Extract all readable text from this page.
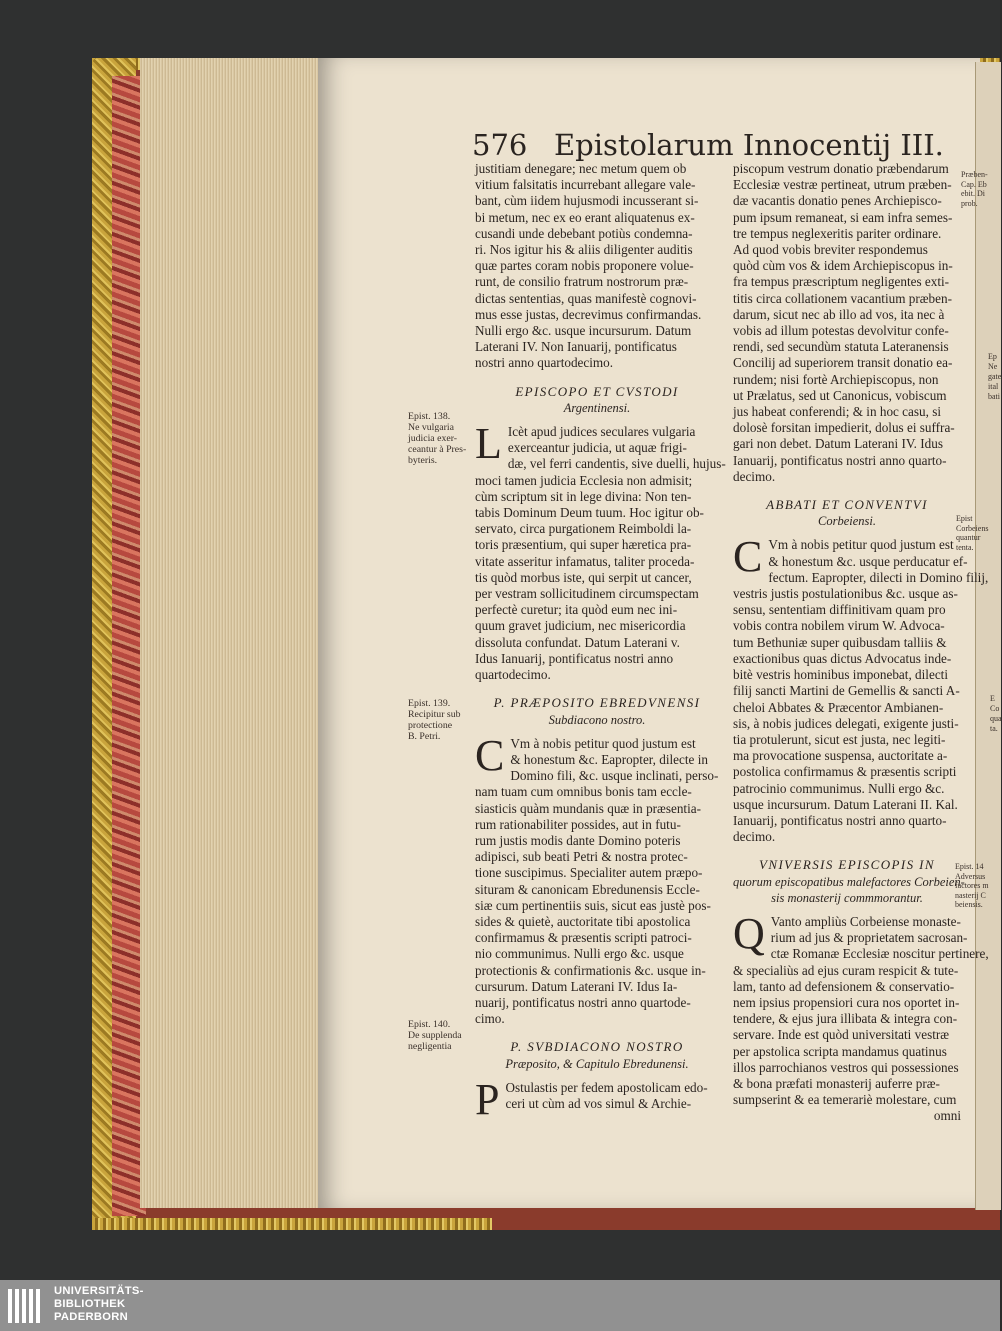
576 Epistolarum Innocentij III.

justitiam denegare; nec metum quem ob
vitium falsitatis incurrebant allegare vale-
bant, cùm iidem hujusmodi incusserant si-
bi metum, nec ex eo erant aliquatenus ex-
cusandi unde debebant potiùs condemna-
ri. Nos igitur his & aliis diligenter auditis
quæ partes coram nobis proponere volue-
runt, de consilio fratrum nostrorum præ-
dictas sententias, quas manifestè cognovi-
mus esse justas, decrevimus confirmandas.
Nulli ergo &c. usque incursurum. Datum
Laterani IV. Non Ianuarij, pontificatus
nostri anno quartodecimo.

EPISCOPO ET CVSTODI
Argentinensi.

L Icèt apud judices seculares vulgaria
exerceantur judicia, ut aquæ frigi-
dæ, vel ferri candentis, sive duelli, hujus-
moci tamen judicia Ecclesia non admisit;
cùm scriptum sit in lege divina: Non ten-
tabis Dominum Deum tuum. Hoc igitur ob-
servato, circa purgationem Reimboldi la-
toris præsentium, qui super hæretica pra-
vitate asseritur infamatus, taliter proceda-
tis quòd morbus iste, qui serpit ut cancer,
per vestram sollicitudinem circumspectam
perfectè curetur; ita quòd eum nec ini-
quum gravet judicium, nec misericordia
dissoluta confundat. Datum Laterani v.
Idus Ianuarij, pontificatus nostri anno
quartodecimo.

P. PRÆPOSITO EBREDVNENSI
Subdiacono nostro.

C Vm à nobis petitur quod justum est
& honestum &c. Eapropter, dilecte in
Domino fili, &c. usque inclinati, perso-
nam tuam cum omnibus bonis tam eccle-
siasticis quàm mundanis quæ in præsentia-
rum rationabiliter possides, aut in futu-
rum justis modis dante Domino poteris
adipisci, sub beati Petri & nostra protec-
tione suscipimus. Specialiter autem præpo-
situram & canonicam Ebredunensis Eccle-
siæ cum pertinentiis suis, sicut eas justè pos-
sides & quietè, auctoritate tibi apostolica
confirmamus & præsentis scripti patroci-
nio communimus. Nulli ergo &c. usque
protectionis & confirmationis &c. usque in-
cursurum. Datum Laterani IV. Idus Ia-
nuarij, pontificatus nostri anno quartode-
cimo.

P. SVBDIACONO NOSTRO
Præposito, & Capitulo Ebredunensi.

P Ostulastis per fedem apostolicam edo-
ceri ut cùm ad vos simul & Archie-

piscopum vestrum donatio præbendarum
Ecclesiæ vestræ pertineat, utrum præben-
dæ vacantis donatio penes Archiepisco-
pum ipsum remaneat, si eam infra semes-
tre tempus neglexeritis pariter ordinare.
Ad quod vobis breviter respondemus
quòd cùm vos & idem Archiepiscopus in-
fra tempus præscriptum negligentes exti-
titis circa collationem vacantium præben-
darum, sicut nec ab illo ad vos, ita nec à
vobis ad illum potestas devolvitur confe-
rendi, sed secundùm statuta Lateranensis
Concilij ad superiorem transit donatio ea-
rundem; nisi fortè Archiepiscopus, non
ut Prælatus, sed ut Canonicus, vobiscum
jus habeat conferendi; & in hoc casu, si
dolosè forsitan impedierit, dolus ei suffra-
gari non debet. Datum Laterani IV. Idus
Ianuarij, pontificatus nostri anno quarto-
decimo.

ABBATI ET CONVENTVI
Corbeiensi.

C Vm à nobis petitur quod justum est
& honestum &c. usque perducatur ef-
fectum. Eapropter, dilecti in Domino filij,
vestris justis postulationibus &c. usque as-
sensu, sententiam diffinitivam quam pro
vobis contra nobilem virum W. Advoca-
tum Bethuniæ super quibusdam talliis &
exactionibus quas dictus Advocatus inde-
bitè vestris hominibus imponebat, dilecti
filij sancti Martini de Gemellis & sancti A-
cheloi Abbates & Præcentor Ambianen-
sis, à nobis judices delegati, exigente justi-
tia protulerunt, sicut est justa, nec legiti-
ma provocatione suspensa, auctoritate a-
postolica confirmamus & præsentis scripti
patrocinio communimus. Nulli ergo &c.
usque incursurum. Datum Laterani II. Kal.
Ianuarij, pontificatus nostri anno quarto-
decimo.

VNIVERSIS EPISCOPIS IN
quorum episcopatibus malefactores Corbeien-
sis monasterij commmorantur.

Q Vanto ampliùs Corbeiense monaste-
rium ad jus & proprietatem sacrosan-
ctæ Romanæ Ecclesiæ noscitur pertinere,
& specialiùs ad ejus curam respicit & tute-
lam, tanto ad defensionem & conservatio-
nem ipsius propensiori cura nos oportet in-
tendere, & ejus jura illibata & integra con-
servare. Inde est quòd universitati vestræ
per apstolica scripta mandamus quatinus
illos parrochianos vestros qui possessiones
& bona præfati monasterij auferre præ-
sumpserint & ea temerariè molestare, cum

omni
Epist. 138.
Ne vulgaria
judicia exer-
ceantur à Pres-
byteris.
Epist. 139.
Recipitur sub
protectione
B. Petri.
Epist. 140.
De supplenda
negligentia
Præben-
Cap. Eb
ebit. Di
prob.
Epist
Corbeiens
quantur
tenta.
Epist. 14
Adversus
factores m
nasterij C
beiensis.
Ep
Ne
gate
ital
bati
E
Co
qua
ta.
UNIVERSITÄTS-
BIBLIOTHEK
PADERBORN
